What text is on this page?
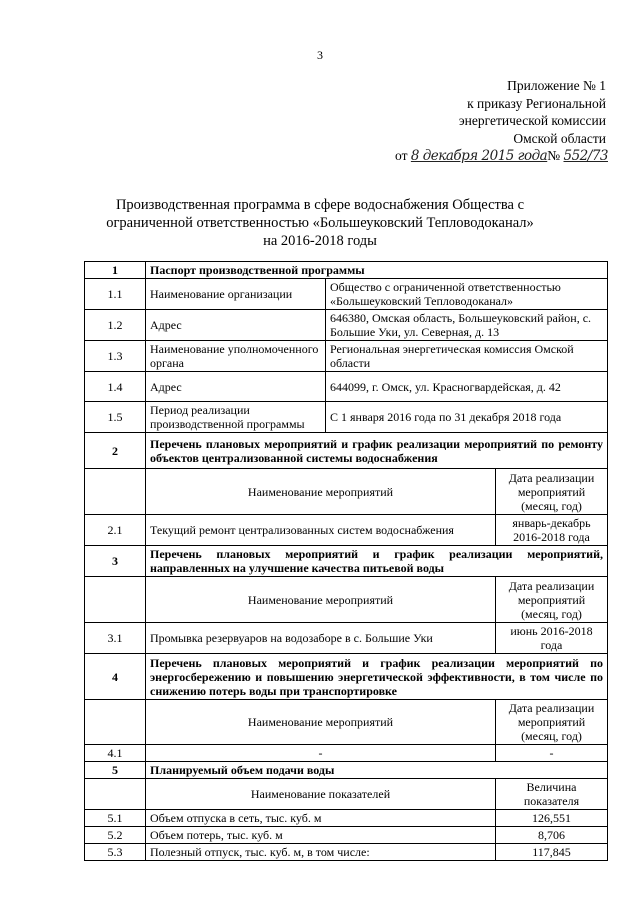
3
Приложение № 1
к приказу Региональной
энергетической комиссии
Омской области
от 8 декабря 2015 года№ 552/73
Производственная программа в сфере водоснабжения Общества с
ограниченной ответственностью «Большеуковский Тепловодоканал»
на 2016-2018 годы
1	Паспорт производственной программы		
1.1	Наименование организации	Общество с ограниченной ответственностью «Большеуковский Тепловодоканал»	
1.2	Адрес	646380, Омская область, Большеуковский район, с. Большие Уки, ул. Северная, д. 13	
1.3	Наименование уполномоченного органа	Региональная энергетическая комиссия Омской области	
1.4	Адрес	644099, г. Омск, ул. Красногвардейская, д. 42	
1.5	Период реализации производственной программы	С 1 января 2016 года по 31 декабря 2018 года	
2	Перечень плановых мероприятий и график реализации мероприятий по ремонту объектов централизованной системы водоснабжения		
	Наименование мероприятий		Дата реализации мероприятий (месяц, год)
2.1	Текущий ремонт централизованных систем водоснабжения		январь-декабрь 2016-2018 года
3	Перечень плановых мероприятий и график реализации мероприятий, направленных на улучшение качества питьевой воды		
	Наименование мероприятий		Дата реализации мероприятий (месяц, год)
3.1	Промывка резервуаров на водозаборе в с. Большие Уки		июнь 2016-2018 года
4	Перечень плановых мероприятий и график реализации мероприятий по энергосбережению и повышению энергетической эффективности, в том числе по снижению потерь воды при транспортировке		
	Наименование мероприятий		Дата реализации мероприятий (месяц, год)
4.1	-		-
5	Планируемый объем подачи воды		
	Наименование показателей		Величина показателя
5.1	Объем отпуска в сеть, тыс. куб. м		126,551
5.2	Объем потерь, тыс. куб. м		8,706
5.3	Полезный отпуск, тыс. куб. м, в том числе:		117,845
